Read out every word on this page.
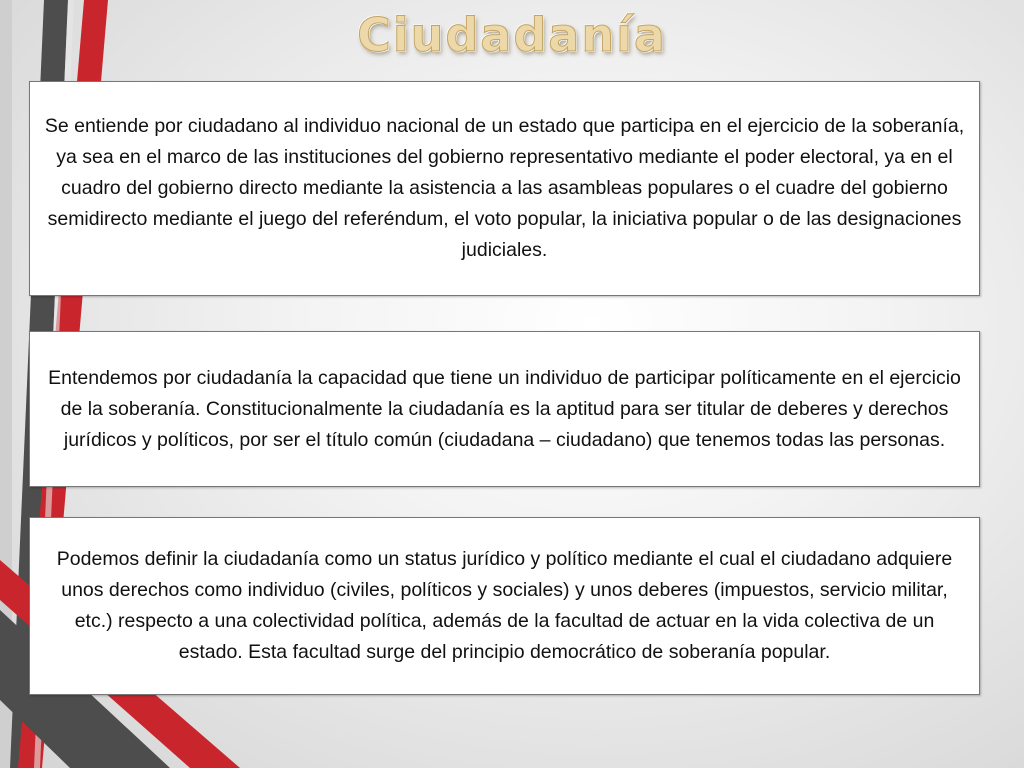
Ciudadanía

Se entiende por ciudadano al individuo nacional de un estado que participa en el ejercicio de la soberanía, ya sea en el marco de las instituciones del gobierno representativo mediante el poder electoral, ya en el cuadro del gobierno directo mediante la asistencia a las asambleas populares o el cuadre del gobierno semidirecto mediante el juego del referéndum, el voto popular, la iniciativa popular o de las designaciones judiciales.

Entendemos por ciudadanía la capacidad que tiene un individuo de participar políticamente en el ejercicio de la soberanía. Constitucionalmente la ciudadanía es la aptitud para ser titular de deberes y derechos jurídicos y políticos, por ser el título común (ciudadana – ciudadano) que tenemos todas las personas.

Podemos definir la ciudadanía como un status jurídico y político mediante el cual el ciudadano adquiere unos derechos como individuo (civiles, políticos y sociales) y unos deberes (impuestos, servicio militar, etc.) respecto a una colectividad política, además de la facultad de actuar en la vida colectiva de un estado. Esta facultad surge del principio democrático de soberanía popular.
